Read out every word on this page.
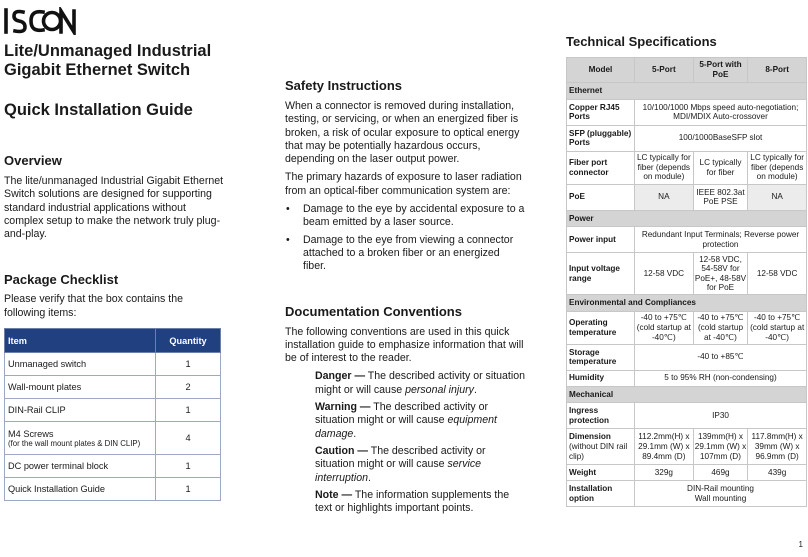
Lite/Unmanaged Industrial
Gigabit Ethernet Switch
Quick Installation Guide
Overview

The lite/unmanaged Industrial Gigabit Ethernet Switch solutions are designed for supporting standard industrial applications without complex setup to make the network truly plug-and-play.

Package Checklist

Please verify that the box contains the following items:

Item	Quantity
Unmanaged switch	1
Wall-mount plates	2
DIN-Rail CLIP	1
M4 Screws
(for the wall mount plates & DIN CLIP)	4
DC power terminal block	1
Quick Installation Guide	1
Safety Instructions

When a connector is removed during installation, testing, or servicing, or when an energized fiber is broken, a risk of ocular exposure to optical energy that may be potentially hazardous occurs, depending on the laser output power.

The primary hazards of exposure to laser radiation from an optical-fiber communication system are:

• Damage to the eye by accidental exposure to a beam emitted by a laser source.
• Damage to the eye from viewing a connector attached to a broken fiber or an energized fiber.
Documentation Conventions

The following conventions are used in this quick installation guide to emphasize information that will be of interest to the reader.

Danger — The described activity or situation might or will cause personal injury.
Warning — The described activity or situation might or will cause equipment damage.
Caution — The described activity or situation might or will cause service interruption.
Note — The information supplements the text or highlights important points.
Technical Specifications
Model	5-Port	5-Port with PoE	8-Port
Ethernet			
Copper RJ45 Ports	10/100/1000 Mbps speed auto-negotiation; MDI/MDIX Auto-crossover		
SFP (pluggable) Ports	100/1000BaseSFP slot		
Fiber port connector	LC typically for fiber (depends on module)	LC typically for fiber	LC typically for fiber (depends on module)
PoE	NA	IEEE 802.3at PoE PSE	NA
Power			
Power input	Redundant Input Terminals; Reverse power protection		
Input voltage range	12-58 VDC	12-58 VDC, 54-58V for PoE+, 48-58V for PoE	12-58 VDC
Environmental and Compliances			
Operating temperature	-40 to +75℃ (cold startup at -40℃)	-40 to +75℃ (cold startup at -40℃)	-40 to +75℃ (cold startup at -40℃)
Storage temperature	-40 to +85℃		
Humidity	5 to 95% RH (non-condensing)		
Mechanical			
Ingress protection	IP30		
Dimension
(without DIN rail clip)	112.2mm(H) x 29.1mm (W) x 89.4mm (D)	139mm(H) x 29.1mm (W) x 107mm (D)	117.8mm(H) x 39mm (W) x 96.9mm (D)
Weight	329g	469g	439g
Installation option	DIN-Rail mounting
Wall mounting		
1
